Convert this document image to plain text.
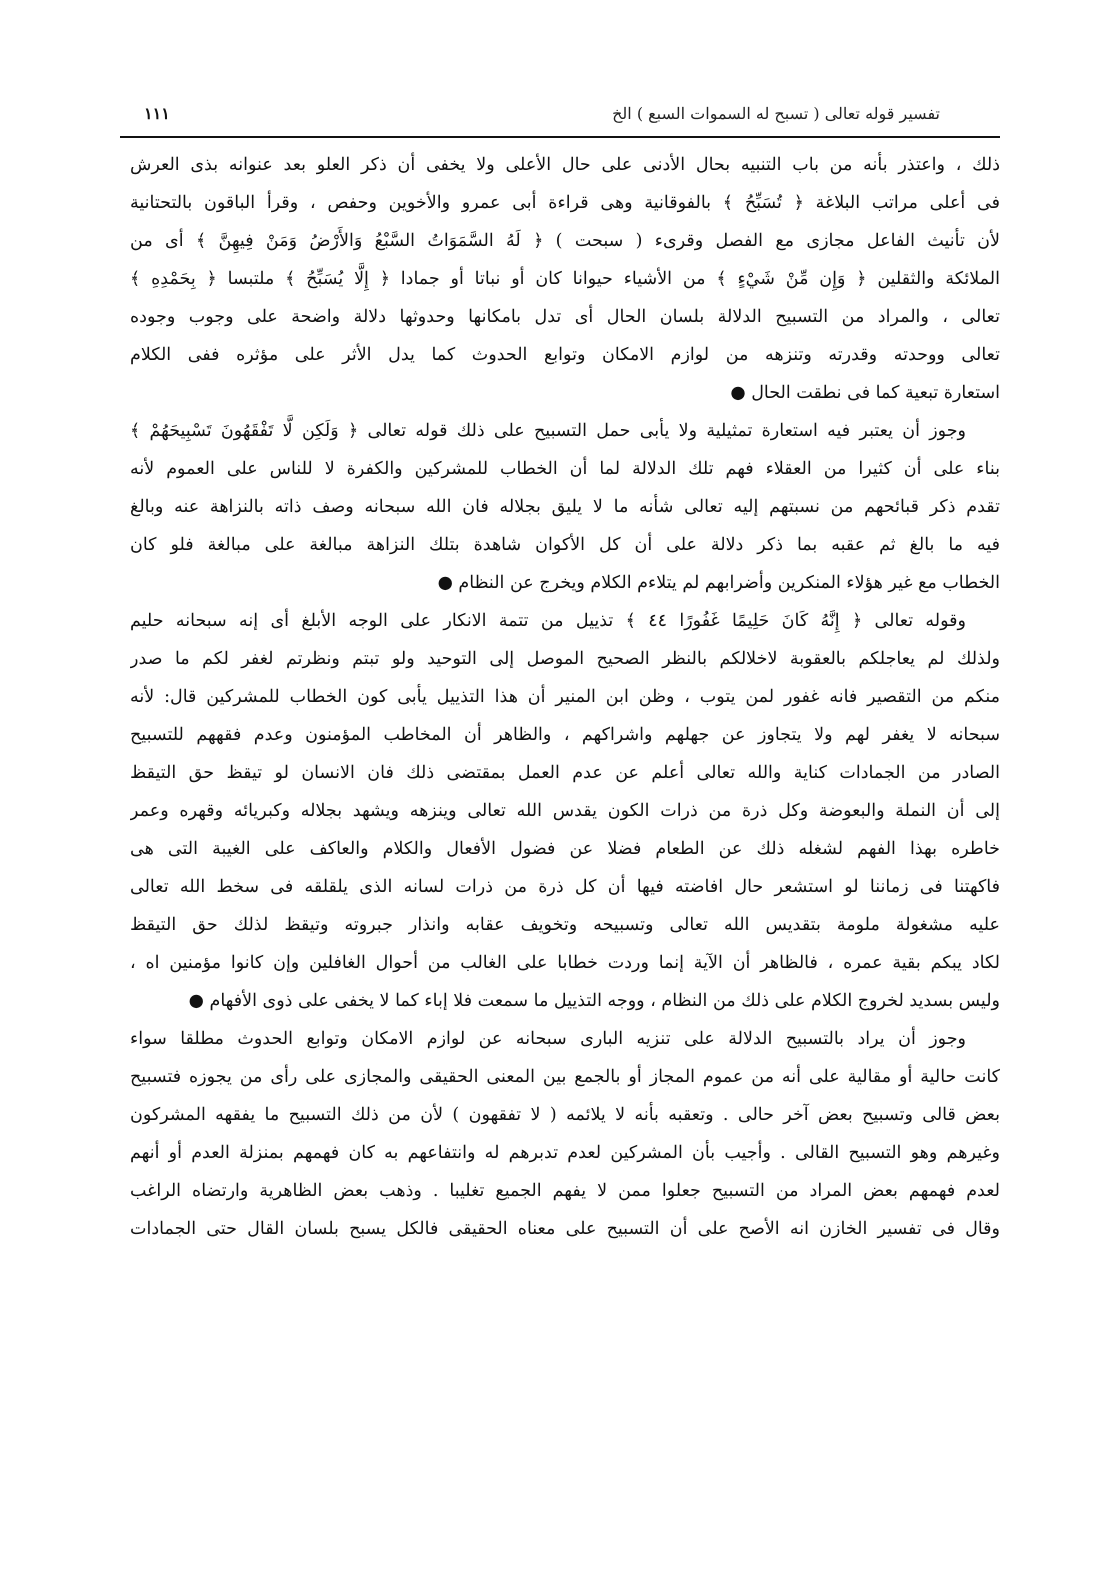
١١١	تفسير قوله تعالى ( تسبح له السموات السبع ) الخ
ذلك ، واعتذر بأنه من باب التنبيه بحال الأدنى على حال الأعلى ولا يخفى أن ذكر العلو بعد عنوانه بذى العرش
فى أعلى مراتب البلاغة ﴿ تُسَبِّحُ ﴾ بالفوقانية وهى قراءة أبى عمرو والأخوين وحفص ، وقرأ الباقون بالتحتانية
لأن تأنيث الفاعل مجازى مع الفصل وقرىء ( سبحت ) ﴿ لَهُ السَّمَوَاتُ السَّبْعُ وَالأَرْضُ وَمَنْ فِيهِنَّ ﴾ أى من
الملائكة والثقلين ﴿ وَإِن مِّنْ شَيْءٍ ﴾ من الأشياء حيوانا كان أو نباتا أو جمادا ﴿ إِلَّا يُسَبِّحُ ﴾ ملتبسا ﴿ بِحَمْدِهِ ﴾
تعالى ، والمراد من التسبيح الدلالة بلسان الحال أى تدل بامكانها وحدوثها دلالة واضحة على وجوب وجوده
تعالى ووحدته وقدرته وتنزهه من لوازم الامكان وتوابع الحدوث كما يدل الأثر على مؤثره ففى الكلام
استعارة تبعية كما فى نطقت الحال ●
وجوز أن يعتبر فيه استعارة تمثيلية ولا يأبى حمل التسبيح على ذلك قوله تعالى ﴿ وَلَكِن لَّا تَفْقَهُونَ تَسْبِيحَهُمْ ﴾
بناء على أن كثيرا من العقلاء فهم تلك الدلالة لما أن الخطاب للمشركين والكفرة لا للناس على العموم لأنه
تقدم ذكر قبائحهم من نسبتهم إليه تعالى شأنه ما لا يليق بجلاله فان الله سبحانه وصف ذاته بالنزاهة عنه وبالغ
فيه ما بالغ ثم عقبه بما ذكر دلالة على أن كل الأكوان شاهدة بتلك النزاهة مبالغة على مبالغة فلو كان
الخطاب مع غير هؤلاء المنكرين وأضرابهم لم يتلاءم الكلام ويخرج عن النظام ●
وقوله تعالى ﴿ إِنَّهُ كَانَ حَلِيمًا غَفُورًا ٤٤ ﴾ تذييل من تتمة الانكار على الوجه الأبلغ أى إنه سبحانه حليم
ولذلك لم يعاجلكم بالعقوبة لاخلالكم بالنظر الصحيح الموصل إلى التوحيد ولو تبتم ونظرتم لغفر لكم ما صدر
منكم من التقصير فانه غفور لمن يتوب ، وظن ابن المنير أن هذا التذييل يأبى كون الخطاب للمشركين قال: لأنه
سبحانه لا يغفر لهم ولا يتجاوز عن جهلهم واشراكهم ، والظاهر أن المخاطب المؤمنون وعدم فقههم للتسبيح
الصادر من الجمادات كناية والله تعالى أعلم عن عدم العمل بمقتضى ذلك فان الانسان لو تيقظ حق التيقظ
إلى أن النملة والبعوضة وكل ذرة من ذرات الكون يقدس الله تعالى وينزهه ويشهد بجلاله وكبريائه وقهره وعمر
خاطره بهذا الفهم لشغله ذلك عن الطعام فضلا عن فضول الأفعال والكلام والعاكف على الغيبة التى هى
فاكهتنا فى زماننا لو استشعر حال افاضته فيها أن كل ذرة من ذرات لسانه الذى يلقلقه فى سخط الله تعالى
عليه مشغولة ملومة بتقديس الله تعالى وتسبيحه وتخويف عقابه وانذار جبروته وتيقظ لذلك حق التيقظ
لكاد يبكم بقية عمره ، فالظاهر أن الآية إنما وردت خطابا على الغالب من أحوال الغافلين وإن كانوا مؤمنين اه ،
وليس بسديد لخروج الكلام على ذلك من النظام ، ووجه التذييل ما سمعت فلا إباء كما لا يخفى على ذوى الأفهام ●
وجوز أن يراد بالتسبيح الدلالة على تنزيه البارى سبحانه عن لوازم الامكان وتوابع الحدوث مطلقا سواء
كانت حالية أو مقالية على أنه من عموم المجاز أو بالجمع بين المعنى الحقيقى والمجازى على رأى من يجوزه فتسبيح
بعض قالى وتسبيح بعض آخر حالى . وتعقبه بأنه لا يلائمه ( لا تفقهون ) لأن من ذلك التسبيح ما يفقهه المشركون
وغيرهم وهو التسبيح القالى . وأجيب بأن المشركين لعدم تدبرهم له وانتفاعهم به كان فهمهم بمنزلة العدم أو أنهم
لعدم فهمهم بعض المراد من التسبيح جعلوا ممن لا يفهم الجميع تغليبا . وذهب بعض الظاهرية وارتضاه الراغب
وقال فى تفسير الخازن انه الأصح على أن التسبيح على معناه الحقيقى فالكل يسبح بلسان القال حتى الجمادات
